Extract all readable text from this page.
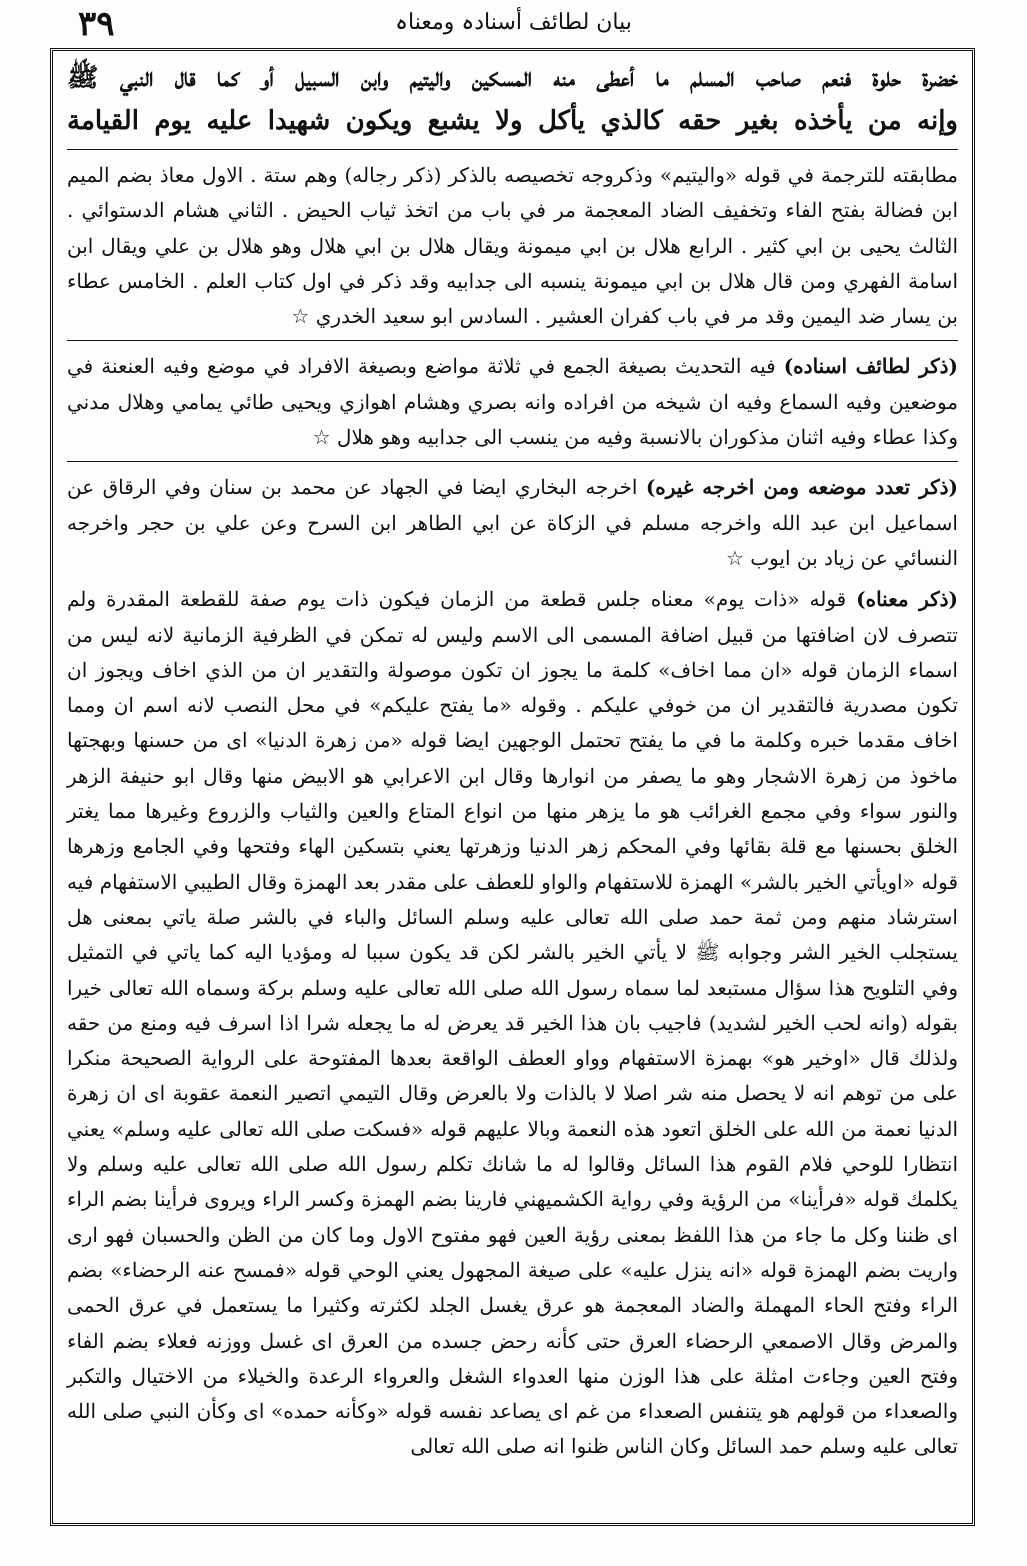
٣٩	بیان لطائف أسنادہ ومعناہ
خضرۃ حلوۃ فنعم صاحب المسلم ما أعطى منه المسكين واليتيم وابن السبيل أو كما قال النبي ﷺ
وإنه من يأخذه بغير حقه كالذي يأكل ولا يشبع ويكون شهيدا عليه يوم القيامة

مطابقته للترجمة في قوله «واليتيم» وذكروجه تخصيصه بالذكر (ذكر رجاله) وهم ستة . الاول معاذ بضم الميم ابن فضالة بفتح الفاء وتخفيف الضاد المعجمة مر في باب من اتخذ ثياب الحيض . الثاني هشام الدستوائي . الثالث يحيى بن ابي كثير . الرابع هلال بن ابي ميمونة ويقال هلال بن ابي هلال وهو هلال بن علي ويقال ابن اسامة الفهري ومن قال هلال بن ابي ميمونة ينسبه الى جدابيه وقد ذكر في اول كتاب العلم . الخامس عطاء بن يسار ضد اليمين وقد مر في باب كفران العشير . السادس ابو سعيد الخدري ☆

(ذكر لطائف اسناده) فيه التحديث بصيغة الجمع في ثلاثة مواضع وبصيغة الافراد في موضع وفيه العنعنة في موضعين وفيه السماع وفيه ان شيخه من افراده وانه بصري وهشام اهوازي ويحيى طائي يمامي وهلال مدني وكذا عطاء وفيه اثنان مذكوران بالانسبة وفيه من ينسب الى جدابيه وهو هلال ☆

(ذكر تعدد موضعه ومن اخرجه غيره) اخرجه البخاري ايضا في الجهاد عن محمد بن سنان وفي الرقاق عن اسماعيل ابن عبد الله واخرجه مسلم في الزكاة عن ابي الطاهر ابن السرح وعن علي بن حجر واخرجه النسائي عن زياد بن ايوب ☆

(ذكر معناه) قوله «ذات يوم» معناه جلس قطعة من الزمان فيكون ذات يوم صفة للقطعة المقدرة ولم تتصرف لان اضافتها من قبيل اضافة المسمى الى الاسم وليس له تمكن في الظرفية الزمانية لانه ليس من اسماء الزمان قوله «ان مما اخاف» كلمة ما يجوز ان تكون موصولة والتقدير ان من الذي اخاف ويجوز ان تكون مصدرية فالتقدير ان من خوفي عليكم . وقوله «ما يفتح عليكم» في محل النصب لانه اسم ان ومما اخاف مقدما خبره وكلمة ما في ما يفتح تحتمل الوجهين ايضا قوله «من زهرة الدنيا» اى من حسنها وبهجتها ماخوذ من زهرة الاشجار وهو ما يصفر من انوارها وقال ابن الاعرابي هو الابيض منها وقال ابو حنيفة الزهر والنور سواء وفي مجمع الغرائب هو ما يزهر منها من انواع المتاع والعين والثياب والزروع وغيرها مما يغتر الخلق بحسنها مع قلة بقائها وفي المحكم زهر الدنيا وزهرتها يعني بتسكين الهاء وفتحها وفي الجامع وزهرها قوله «اويأتي الخير بالشر» الهمزة للاستفهام والواو للعطف على مقدر بعد الهمزة وقال الطيبي الاستفهام فيه استرشاد منهم ومن ثمة حمد صلى الله تعالى عليه وسلم السائل والباء في بالشر صلة ياتي بمعنى هل يستجلب الخير الشر وجوابه ﷺ لا يأتي الخير بالشر لكن قد يكون سببا له ومؤديا اليه كما ياتي في التمثيل وفي التلويح هذا سؤال مستبعد لما سماه رسول الله صلى الله تعالى عليه وسلم بركة وسماه الله تعالى خيرا بقوله (وانه لحب الخير لشديد) فاجيب بان هذا الخير قد يعرض له ما يجعله شرا اذا اسرف فيه ومنع من حقه ولذلك قال «اوخير هو» بهمزة الاستفهام وواو العطف الواقعة بعدها المفتوحة على الرواية الصحيحة منكرا على من توهم انه لا يحصل منه شر اصلا لا بالذات ولا بالعرض وقال التيمي اتصير النعمة عقوبة اى ان زهرة الدنيا نعمة من الله على الخلق اتعود هذه النعمة وبالا عليهم قوله «فسكت صلى الله تعالى عليه وسلم» يعني انتظارا للوحي فلام القوم هذا السائل وقالوا له ما شانك تكلم رسول الله صلى الله تعالى عليه وسلم ولا يكلمك قوله «فرأينا» من الرؤية وفي رواية الكشميهني فارينا بضم الهمزة وكسر الراء ويروى فرأينا بضم الراء اى ظننا وكل ما جاء من هذا اللفظ بمعنى رؤية العين فهو مفتوح الاول وما كان من الظن والحسبان فهو ارى واريت بضم الهمزة قوله «انه ينزل عليه» على صيغة المجهول يعني الوحي قوله «فمسح عنه الرحضاء» بضم الراء وفتح الحاء المهملة والضاد المعجمة هو عرق يغسل الجلد لكثرته وكثيرا ما يستعمل في عرق الحمى والمرض وقال الاصمعي الرحضاء العرق حتى كأنه رحض جسده من العرق اى غسل ووزنه فعلاء بضم الفاء وفتح العين وجاءت امثلة على هذا الوزن منها العدواء الشغل والعرواء الرعدة والخيلاء من الاختيال والتكبر والصعداء من قولهم هو يتنفس الصعداء من غم اى يصاعد نفسه قوله «وكأنه حمده» اى وكأن النبي صلى الله تعالى عليه وسلم حمد السائل وكان الناس ظنوا انه صلى الله تعالى
